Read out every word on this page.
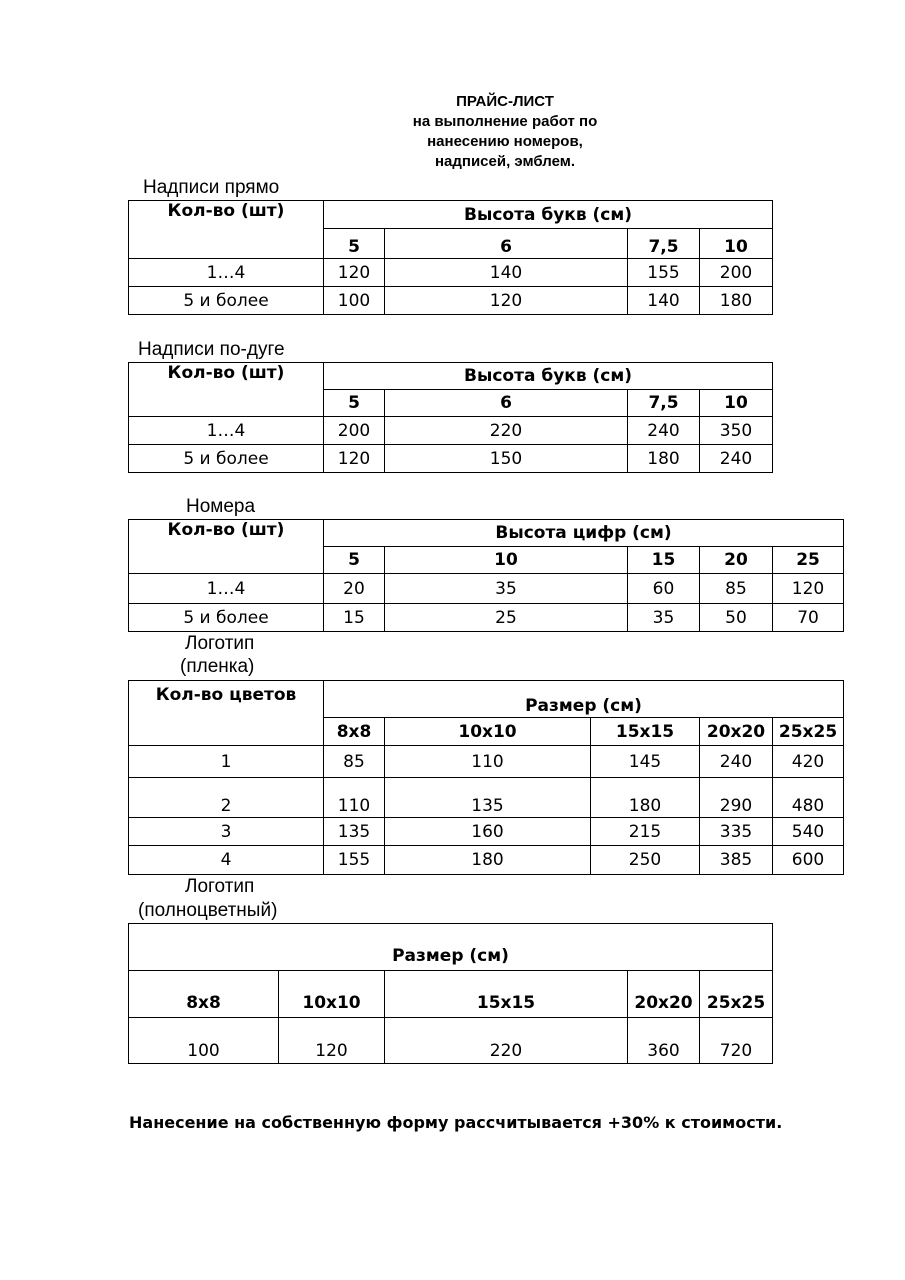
ПРАЙС-ЛИСТ
на выполнение работ по
нанесению номеров,
надписей, эмблем.
Надписи прямо
Кол-во (шт)	Высота букв (см)			
	5	6	7,5	10
1…4	120	140	155	200
5 и более	100	120	140	180
Надписи по-дуге
Кол-во (шт)	Высота букв (см)			
	5	6	7,5	10
1…4	200	220	240	350
5 и более	120	150	180	240
Номера
Кол-во (шт)	Высота цифр (см)				
	5	10	15	20	25
1…4	20	35	60	85	120
5 и более	15	25	35	50	70
Логотип
(пленка)
Кол-во цветов	Размер (см)				
	8х8	10х10	15х15	20х20	25х25
1	85	110	145	240	420
2	110	135	180	290	480
3	135	160	215	335	540
4	155	180	250	385	600
Логотип
(полноцветный)
Размер (см)				
8х8	10х10	15х15	20х20	25х25
100	120	220	360	720
Нанесение на собственную форму рассчитывается +30% к стоимости.
